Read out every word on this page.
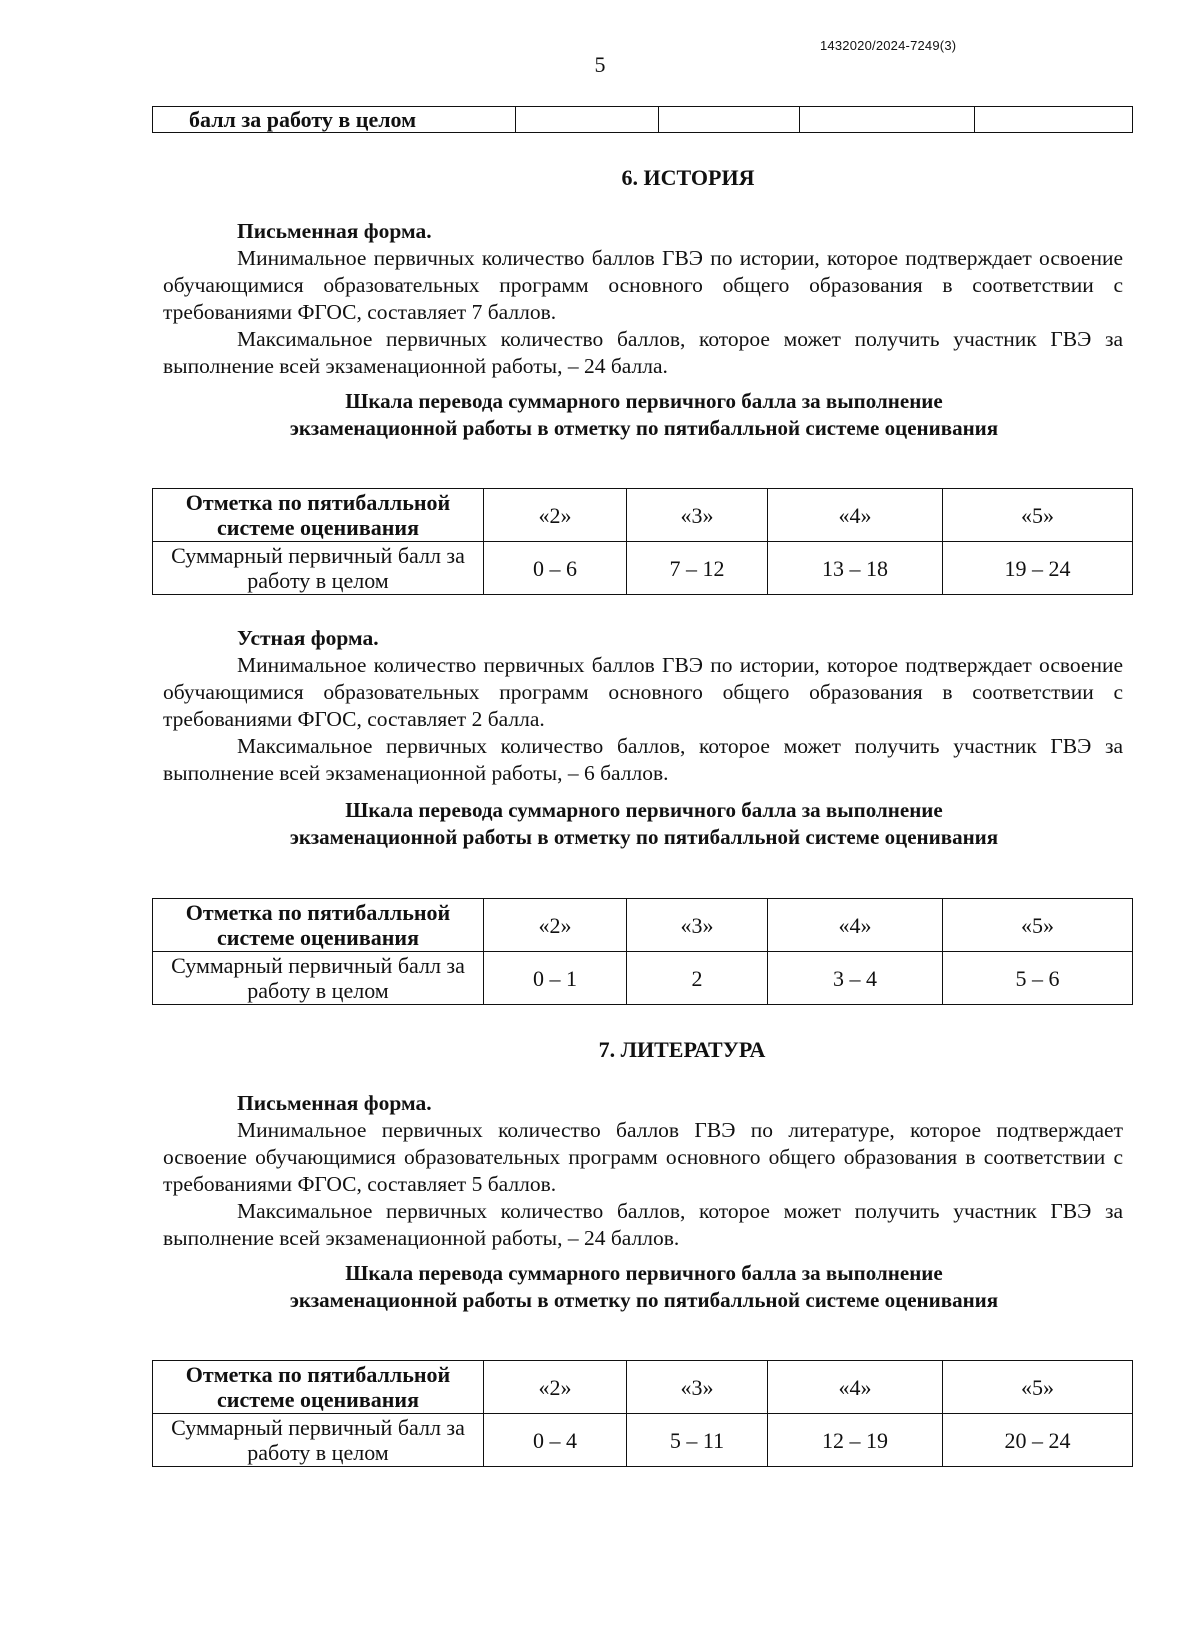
1432020/2024-7249(3)
5
балл за работу в целом				
6. ИСТОРИЯ
Письменная форма.

Минимальное первичных количество баллов ГВЭ по истории, которое подтверждает освоение обучающимися образовательных программ основного общего образования в соответствии с требованиями ФГОС, составляет 7 баллов.

Максимальное первичных количество баллов, которое может получить участник ГВЭ за выполнение всей экзаменационной работы, – 24 балла.

Шкала перевода суммарного первичного балла за выполнение
экзаменационной работы в отметку по пятибалльной системе оценивания
Отметка по пятибалльной системе оценивания	«2»	«3»	«4»	«5»
Суммарный первичный балл за работу в целом	0 – 6	7 – 12	13 – 18	19 – 24
Устная форма.

Минимальное количество первичных баллов ГВЭ по истории, которое подтверждает освоение обучающимися образовательных программ основного общего образования в соответствии с требованиями ФГОС, составляет 2 балла.

Максимальное первичных количество баллов, которое может получить участник ГВЭ за выполнение всей экзаменационной работы, – 6 баллов.

Шкала перевода суммарного первичного балла за выполнение
экзаменационной работы в отметку по пятибалльной системе оценивания
Отметка по пятибалльной системе оценивания	«2»	«3»	«4»	«5»
Суммарный первичный балл за работу в целом	0 – 1	2	3 – 4	5 – 6
7. ЛИТЕРАТУРА
Письменная форма.

Минимальное первичных количество баллов ГВЭ по литературе, которое подтверждает освоение обучающимися образовательных программ основного общего образования в соответствии с требованиями ФГОС, составляет 5 баллов.

Максимальное первичных количество баллов, которое может получить участник ГВЭ за выполнение всей экзаменационной работы, – 24 баллов.

Шкала перевода суммарного первичного балла за выполнение
экзаменационной работы в отметку по пятибалльной системе оценивания
Отметка по пятибалльной системе оценивания	«2»	«3»	«4»	«5»
Суммарный первичный балл за работу в целом	0 – 4	5 – 11	12 – 19	20 – 24
